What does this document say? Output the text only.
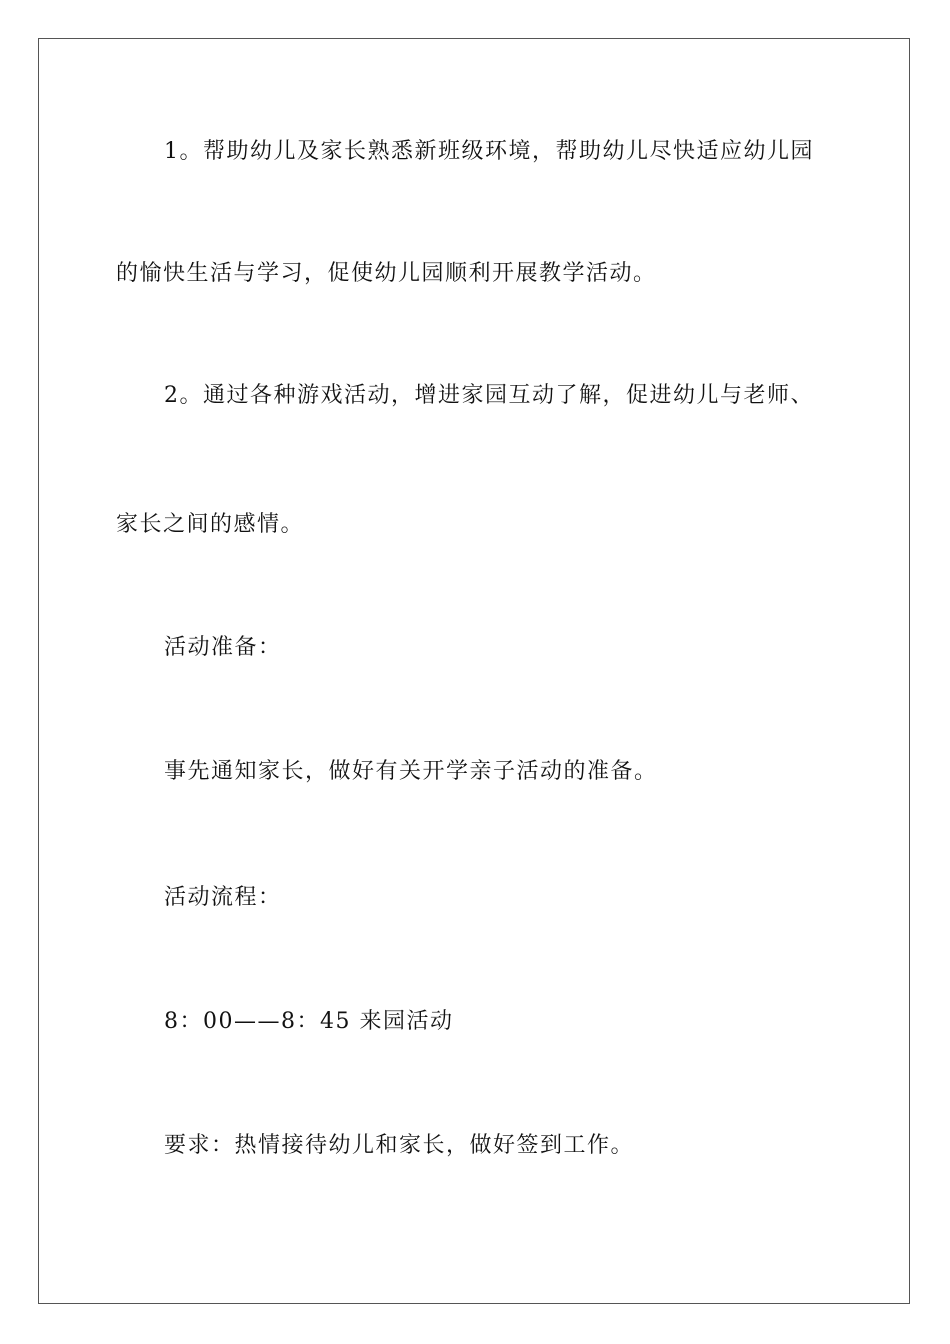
1。帮助幼儿及家长熟悉新班级环境，帮助幼儿尽快适应幼儿园
的愉快生活与学习，促使幼儿园顺利开展教学活动。
2。通过各种游戏活动，增进家园互动了解，促进幼儿与老师、
家长之间的感情。
活动准备：
事先通知家长，做好有关开学亲子活动的准备。
活动流程：
8：00——8：45 来园活动
要求：热情接待幼儿和家长，做好签到工作。
